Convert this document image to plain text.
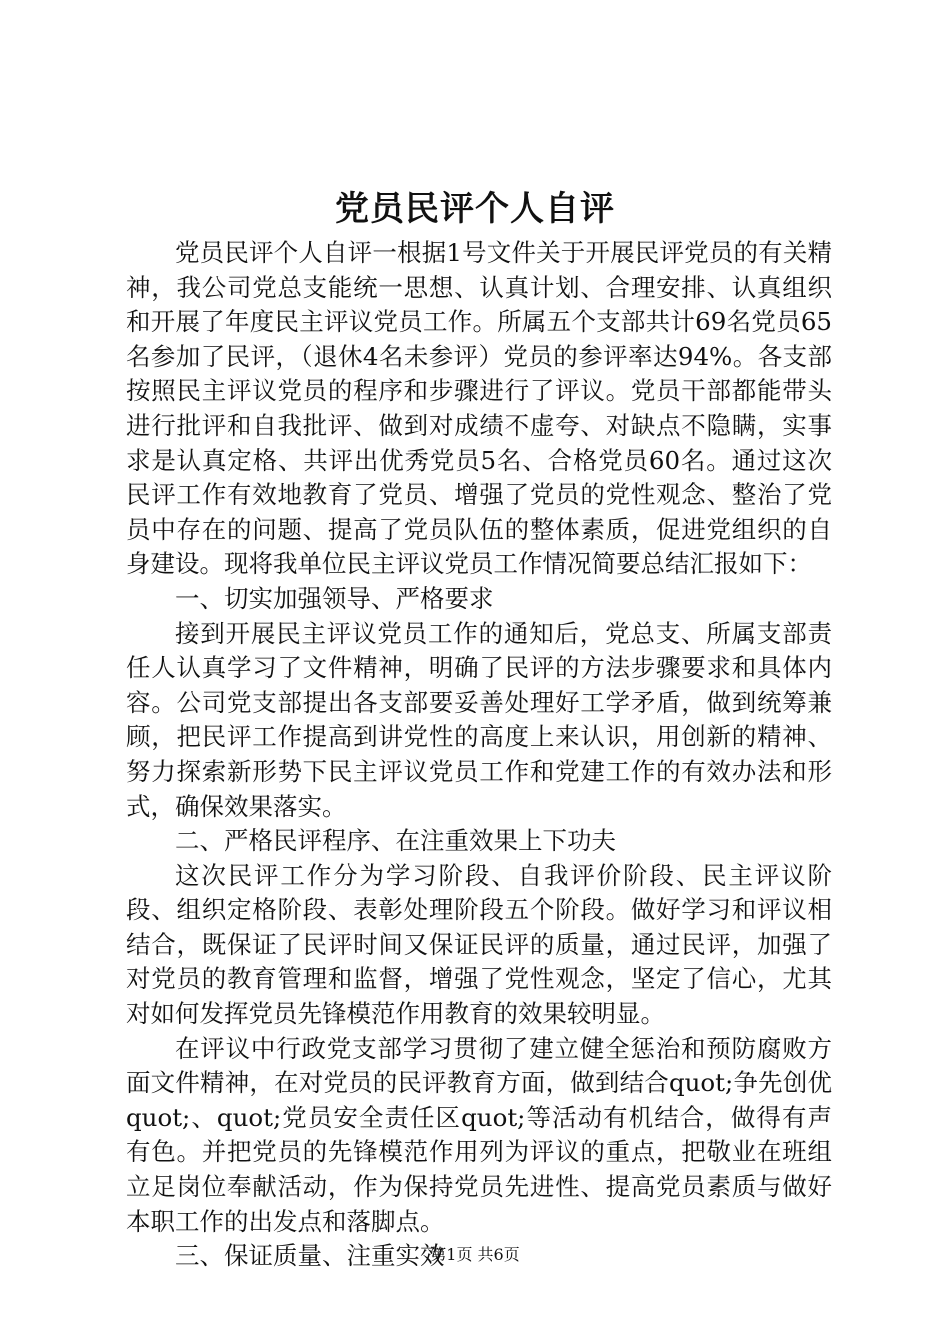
党员民评个人自评

党员民评个人自评一根据1号文件关于开展民评党员的有关精神，我公司党总支能统一思想、认真计划、合理安排、认真组织和开展了年度民主评议党员工作。所属五个支部共计69名党员65名参加了民评，（退休4名未参评）党员的参评率达94%。各支部按照民主评议党员的程序和步骤进行了评议。党员干部都能带头进行批评和自我批评、做到对成绩不虚夸、对缺点不隐瞒，实事求是认真定格、共评出优秀党员5名、合格党员60名。通过这次民评工作有效地教育了党员、增强了党员的党性观念、整治了党员中存在的问题、提高了党员队伍的整体素质，促进党组织的自身建设。现将我单位民主评议党员工作情况简要总结汇报如下：

一、切实加强领导、严格要求

接到开展民主评议党员工作的通知后，党总支、所属支部责任人认真学习了文件精神，明确了民评的方法步骤要求和具体内容。公司党支部提出各支部要妥善处理好工学矛盾，做到统筹兼顾，把民评工作提高到讲党性的高度上来认识，用创新的精神、努力探索新形势下民主评议党员工作和党建工作的有效办法和形式，确保效果落实。

二、严格民评程序、在注重效果上下功夫

这次民评工作分为学习阶段、自我评价阶段、民主评议阶段、组织定格阶段、表彰处理阶段五个阶段。做好学习和评议相结合，既保证了民评时间又保证民评的质量，通过民评，加强了对党员的教育管理和监督，增强了党性观念，坚定了信心，尤其对如何发挥党员先锋模范作用教育的效果较明显。

在评议中行政党支部学习贯彻了建立健全惩治和预防腐败方面文件精神，在对党员的民评教育方面，做到结合quot;争先创优quot;、quot;党员安全责任区quot;等活动有机结合，做得有声有色。并把党员的先锋模范作用列为评议的重点，把敬业在班组立足岗位奉献活动，作为保持党员先进性、提高党员素质与做好本职工作的出发点和落脚点。

三、保证质量、注重实效

第1页 共6页
